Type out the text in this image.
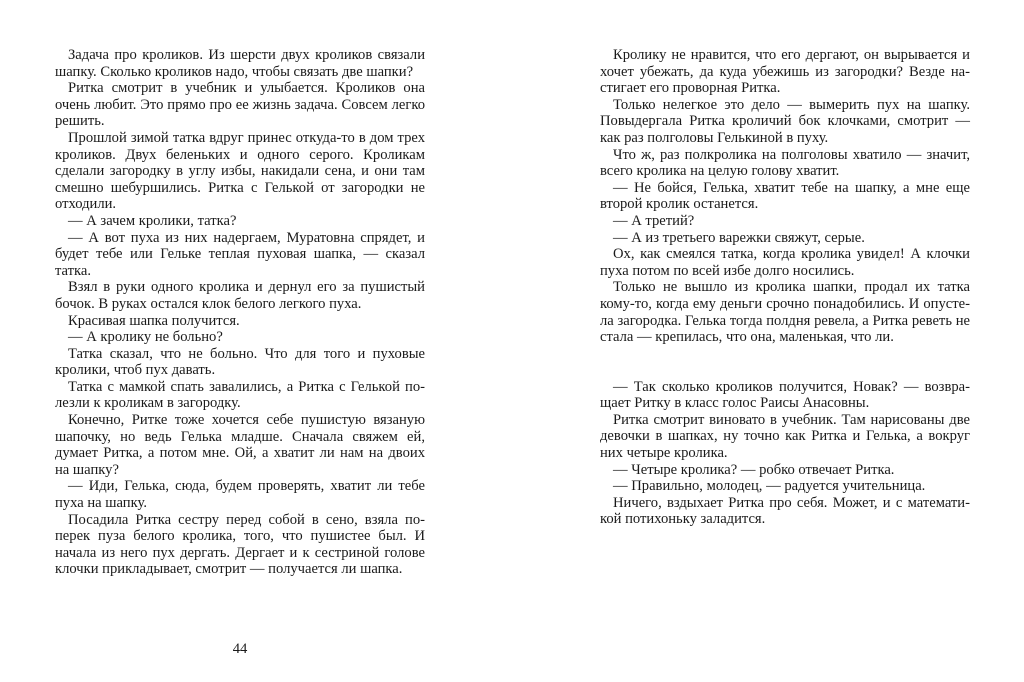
Задача про кроликов. Из шерсти двух кроликов связали шапку. Сколько кроликов надо, чтобы связать две шапки?

Ритка смотрит в учебник и улыбается. Кроликов она очень любит. Это прямо про ее жизнь задача. Совсем легко решить.

Прошлой зимой татка вдруг принес откуда-то в дом трех кроликов. Двух беленьких и одного серого. Кроликам сделали загородку в углу избы, накидали сена, и они там смешно шебуршились. Ритка с Гелькой от загородки не отходили.

— А зачем кролики, татка?

— А вот пуха из них надергаем, Муратовна спрядет, и будет тебе или Гельке теплая пуховая шапка, — сказал татка.

Взял в руки одного кролика и дернул его за пушистый бочок. В руках остался клок белого легкого пуха.

Красивая шапка получится.

— А кролику не больно?

Татка сказал, что не больно. Что для того и пуховые кролики, чтоб пух давать.

Татка с мамкой спать завалились, а Ритка с Гелькой полезли к кроликам в загородку.

Конечно, Ритке тоже хочется себе пушистую вязаную шапочку, но ведь Гелька младше. Сначала свяжем ей, думает Ритка, а потом мне. Ой, а хватит ли нам на двоих на шапку?

— Иди, Гелька, сюда, будем проверять, хватит ли тебе пуха на шапку.

Посадила Ритка сестру перед собой в сено, взяла поперек пуза белого кролика, того, что пушистее был. И начала из него пух дергать. Дергает и к сестриной голове клочки прикладывает, смотрит — получается ли шапка.

44

Кролику не нравится, что его дергают, он вырывается и хочет убежать, да куда убежишь из загородки? Везде настигает его проворная Ритка.

Только нелегкое это дело — вымерить пух на шапку. Повыдергала Ритка кроличий бок клочками, смотрит — как раз полголовы Гелькиной в пуху.

Что ж, раз полкролика на полголовы хватило — значит, всего кролика на целую голову хватит.

— Не бойся, Гелька, хватит тебе на шапку, а мне еще второй кролик останется.

— А третий?

— А из третьего варежки свяжут, серые.

Ох, как смеялся татка, когда кролика увидел! А клочки пуха потом по всей избе долго носились.

Только не вышло из кролика шапки, продал их татка кому-то, когда ему деньги срочно понадобились. И опустела загородка. Гелька тогда полдня ревела, а Ритка реветь не стала — крепилась, что она, маленькая, что ли.

— Так сколько кроликов получится, Новак? — возвращает Ритку в класс голос Раисы Анасовны.

Ритка смотрит виновато в учебник. Там нарисованы две девочки в шапках, ну точно как Ритка и Гелька, а вокруг них четыре кролика.

— Четыре кролика? — робко отвечает Ритка.

— Правильно, молодец, — радуется учительница.

Ничего, вздыхает Ритка про себя. Может, и с математикой потихоньку заладится.
